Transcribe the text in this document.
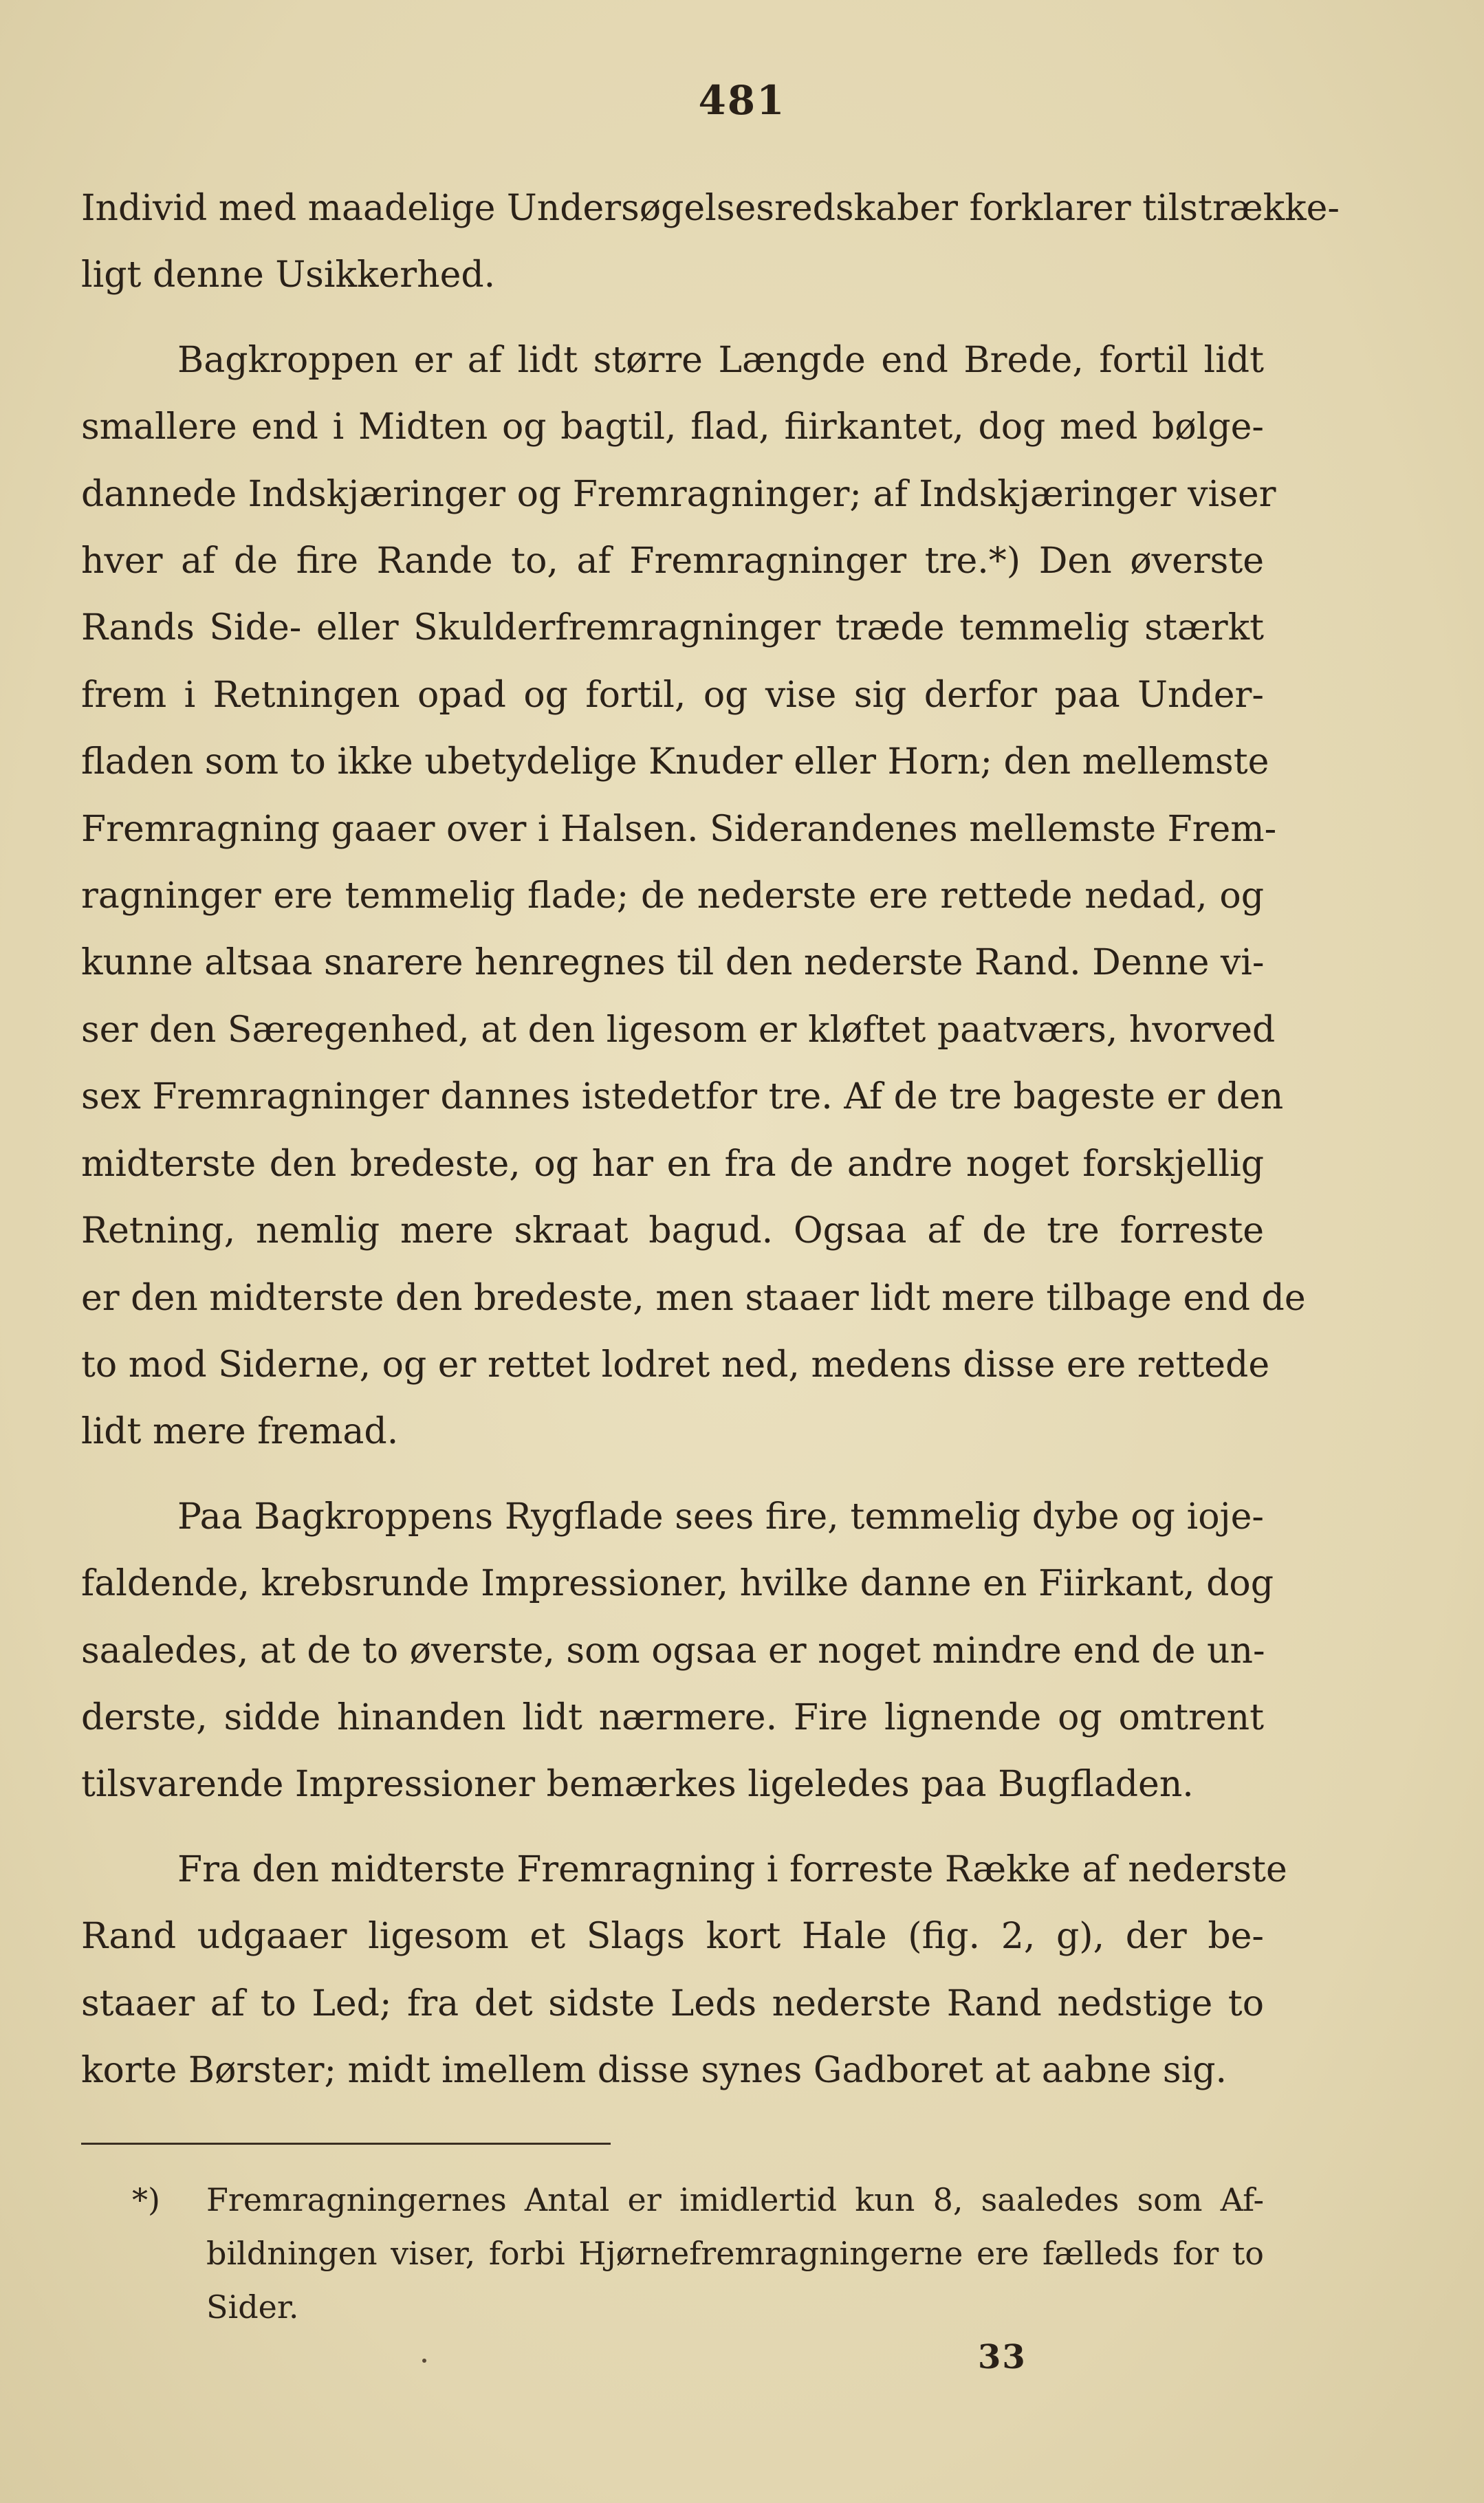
481

Individ med maadelige Undersøgelsesredskaber forklarer tilstrække-
ligt denne Usikkerhed.

Bagkroppen er af lidt større Længde end Brede, fortil lidt
smallere end i Midten og bagtil, flad, fiirkantet, dog med bølge-
dannede Indskjæringer og Fremragninger; af Indskjæringer viser
hver af de fire Rande to, af Fremragninger tre.*) Den øverste
Rands Side- eller Skulderfremragninger træde temmelig stærkt
frem i Retningen opad og fortil, og vise sig derfor paa Under-
fladen som to ikke ubetydelige Knuder eller Horn; den mellemste
Fremragning gaaer over i Halsen. Siderandenes mellemste Frem-
ragninger ere temmelig flade; de nederste ere rettede nedad, og
kunne altsaa snarere henregnes til den nederste Rand. Denne vi-
ser den Særegenhed, at den ligesom er kløftet paatværs, hvorved
sex Fremragninger dannes istedetfor tre. Af de tre bageste er den
midterste den bredeste, og har en fra de andre noget forskjellig
Retning, nemlig mere skraat bagud. Ogsaa af de tre forreste
er den midterste den bredeste, men staaer lidt mere tilbage end de
to mod Siderne, og er rettet lodret ned, medens disse ere rettede
lidt mere fremad.

Paa Bagkroppens Rygflade sees fire, temmelig dybe og ioje-
faldende, krebsrunde Impressioner, hvilke danne en Fiirkant, dog
saaledes, at de to øverste, som ogsaa er noget mindre end de un-
derste, sidde hinanden lidt nærmere. Fire lignende og omtrent
tilsvarende Impressioner bemærkes ligeledes paa Bugfladen.

Fra den midterste Fremragning i forreste Række af nederste
Rand udgaaer ligesom et Slags kort Hale (fig. 2, g), der be-
staaer af to Led; fra det sidste Leds nederste Rand nedstige to
korte Børster; midt imellem disse synes Gadboret at aabne sig.

*) Fremragningernes Antal er imidlertid kun 8, saaledes som Af-
bildningen viser, forbi Hjørnefremragningerne ere fælleds for to
Sider.
33
